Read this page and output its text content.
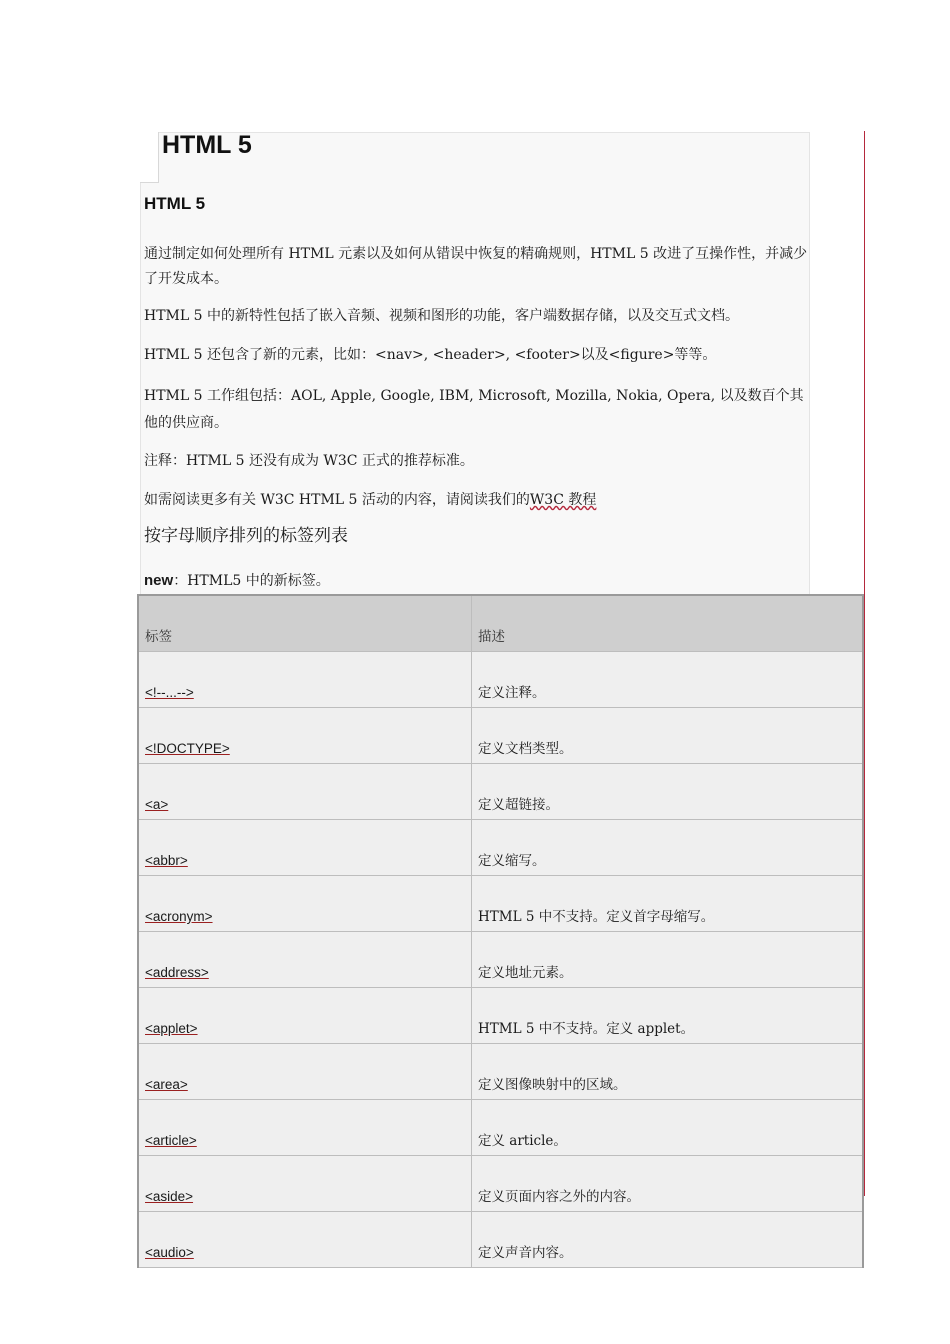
HTML 5
HTML 5
通过制定如何处理所有 HTML 元素以及如何从错误中恢复的精确规则，HTML 5 改进了互操作性，并减少了开发成本。
HTML 5 中的新特性包括了嵌入音频、视频和图形的功能，客户端数据存储，以及交互式文档。
HTML 5 还包含了新的元素，比如：<nav>, <header>, <footer>以及<figure>等等。
HTML 5 工作组包括：AOL, Apple, Google, IBM, Microsoft, Mozilla, Nokia, Opera, 以及数百个其他的供应商。
注释：HTML 5 还没有成为 W3C 正式的推荐标准。
如需阅读更多有关 W3C HTML 5 活动的内容，请阅读我们的W3C 教程
按字母顺序排列的标签列表
new：HTML5 中的新标签。
标签	描述
<!--...-->	定义注释。
<!DOCTYPE>	定义文档类型。
<a>	定义超链接。
<abbr>	定义缩写。
<acronym>	HTML 5 中不支持。定义首字母缩写。
<address>	定义地址元素。
<applet>	HTML 5 中不支持。定义 applet。
<area>	定义图像映射中的区域。
<article>	定义 article。
<aside>	定义页面内容之外的内容。
<audio>	定义声音内容。
